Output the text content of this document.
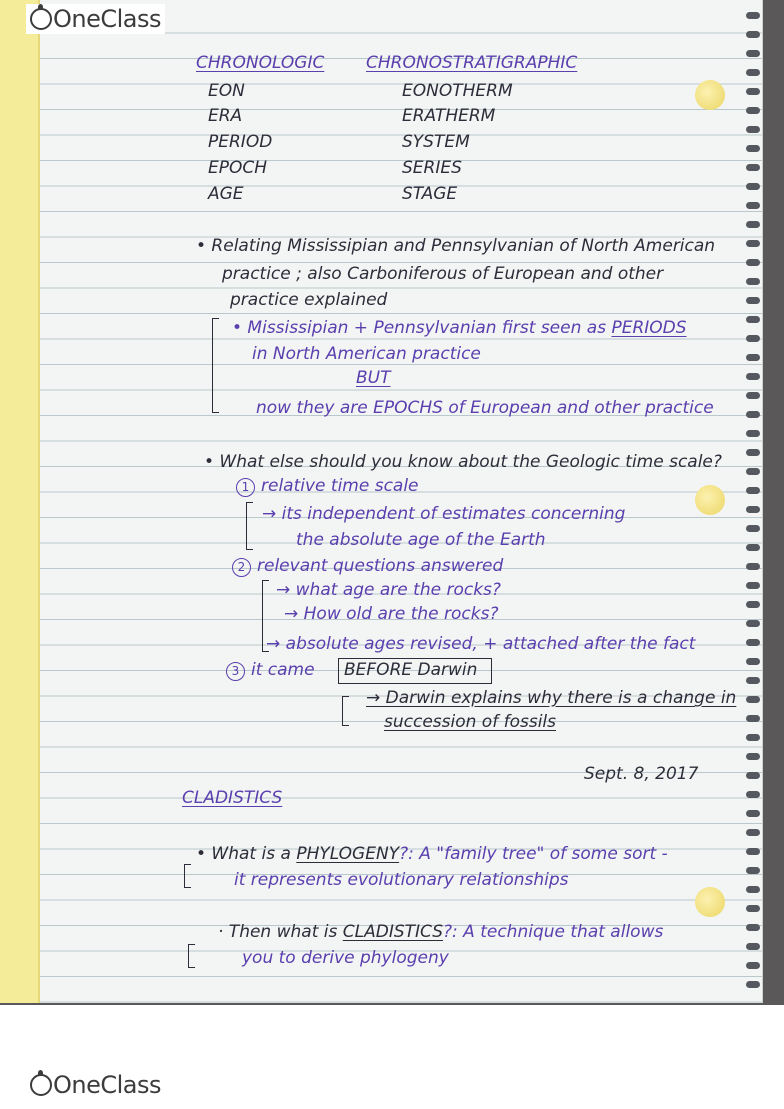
CHRONOLOGIC CHRONOSTRATIGRAPHIC
EON	EONOTHERM
ERA	ERATHERM
PERIOD	SYSTEM
EPOCH	SERIES
AGE	STAGE
• Relating Mississipian and Pennsylvanian of North American
practice ; also Carboniferous of European and other
practice explained
• Mississipian + Pennsylvanian first seen as PERIODS
in North American practice
BUT
now they are EPOCHS of European and other practice
• What else should you know about the Geologic time scale?
1 relative time scale
→ its independent of estimates concerning
the absolute age of the Earth
2 relevant questions answered
→ what age are the rocks?
→ How old are the rocks?
→ absolute ages revised, + attached after the fact
3 it came BEFORE Darwin
→ Darwin explains why there is a change in
succession of fossils
Sept. 8, 2017
CLADISTICS
• What is a PHYLOGENY?: A "family tree" of some sort -
it represents evolutionary relationships
· Then what is CLADISTICS?: A technique that allows
you to derive phylogeny
OneClass
OneClass
